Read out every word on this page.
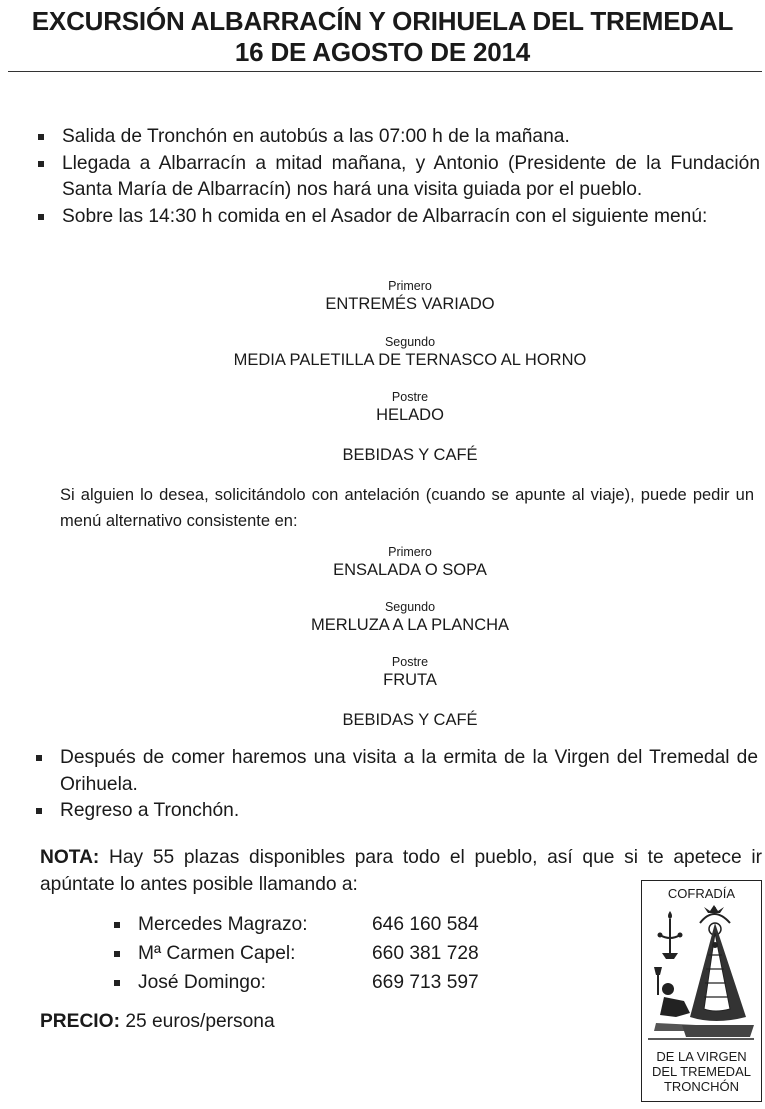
EXCURSIÓN ALBARRACÍN Y ORIHUELA DEL TREMEDAL
16 DE AGOSTO DE 2014
Salida de Tronchón en autobús a las 07:00 h de la mañana.
Llegada a Albarracín a mitad mañana, y Antonio (Presidente de la Fundación Santa María de Albarracín) nos hará una visita guiada por el pueblo.
Sobre las 14:30 h comida en el Asador de Albarracín con el siguiente menú:
Primero
ENTREMÉS VARIADO
Segundo
MEDIA PALETILLA DE TERNASCO AL HORNO
Postre
HELADO
BEBIDAS Y CAFÉ
Si alguien lo desea, solicitándolo con antelación (cuando se apunte al viaje), puede pedir un menú alternativo consistente en:
Primero
ENSALADA O SOPA
Segundo
MERLUZA A LA PLANCHA
Postre
FRUTA
BEBIDAS Y CAFÉ
Después de comer haremos una visita a la ermita de la Virgen del Tremedal de Orihuela.
Regreso a Tronchón.
NOTA: Hay 55 plazas disponibles para todo el pueblo, así que si te apetece ir apúntate lo antes posible llamando a:
Mercedes Magrazo:	646 160 584
Mª Carmen Capel:	660 381 728
José Domingo:	669 713 597
PRECIO: 25 euros/persona
COFRADÍA
DE LA VIRGEN
DEL TREMEDAL
TRONCHÓN
